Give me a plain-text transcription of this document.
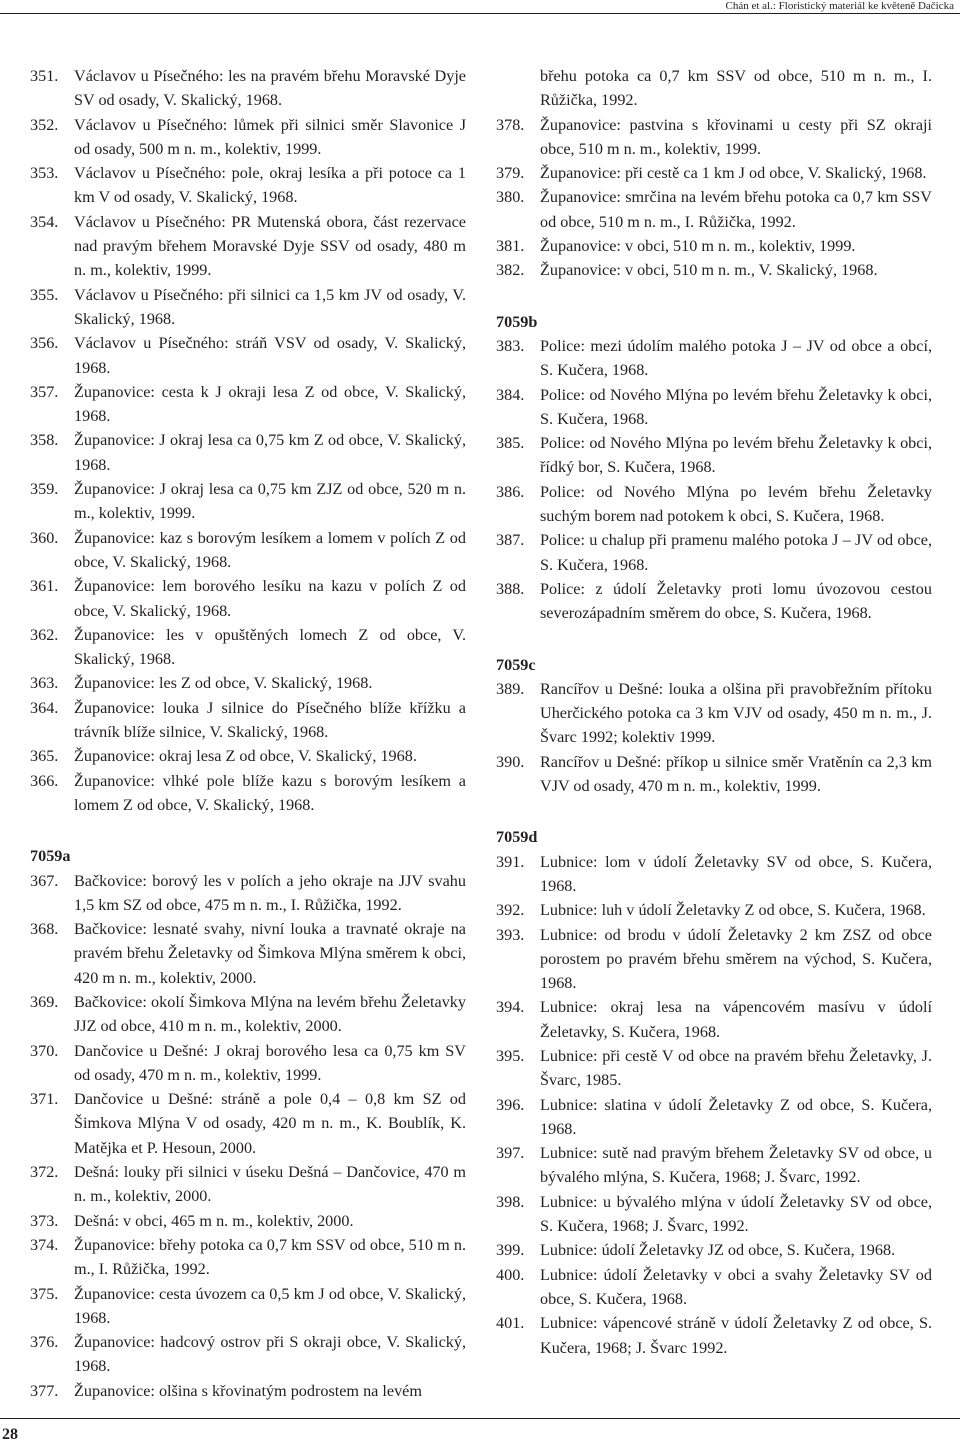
Chán et al.: Floristický materiál ke květeně Dačicka
351. Václavov u Písečného: les na pravém břehu Moravské Dyje SV od osady, V. Skalický, 1968.
352. Václavov u Písečného: lůmek při silnici směr Slavonice J od osady, 500 m n. m., kolektiv, 1999.
353. Václavov u Písečného: pole, okraj lesíka a při potoce ca 1 km V od osady, V. Skalický, 1968.
354. Václavov u Písečného: PR Mutenská obora, část rezervace nad pravým břehem Moravské Dyje SSV od osady, 480 m n. m., kolektiv, 1999.
355. Václavov u Písečného: při silnici ca 1,5 km JV od osady, V. Skalický, 1968.
356. Václavov u Písečného: stráň VSV od osady, V. Skalický, 1968.
357. Županovice: cesta k J okraji lesa Z od obce, V. Skalický, 1968.
358. Županovice: J okraj lesa ca 0,75 km Z od obce, V. Skalický, 1968.
359. Županovice: J okraj lesa ca 0,75 km ZJZ od obce, 520 m n. m., kolektiv, 1999.
360. Županovice: kaz s borovým lesíkem a lomem v polích Z od obce, V. Skalický, 1968.
361. Županovice: lem borového lesíku na kazu v polích Z od obce, V. Skalický, 1968.
362. Županovice: les v opuštěných lomech Z od obce, V. Skalický, 1968.
363. Županovice: les Z od obce, V. Skalický, 1968.
364. Županovice: louka J silnice do Písečného blíže křížku a trávník blíže silnice, V. Skalický, 1968.
365. Županovice: okraj lesa Z od obce, V. Skalický, 1968.
366. Županovice: vlhké pole blíže kazu s borovým lesíkem a lomem Z od obce, V. Skalický, 1968.
7059a
367. Bačkovice: borový les v polích a jeho okraje na JJV svahu 1,5 km SZ od obce, 475 m n. m., I. Růžička, 1992.
368. Bačkovice: lesnaté svahy, nivní louka a travnaté okraje na pravém břehu Želetavky od Šimkova Mlýna směrem k obci, 420 m n. m., kolektiv, 2000.
369. Bačkovice: okolí Šimkova Mlýna na levém břehu Želetavky JJZ od obce, 410 m n. m., kolektiv, 2000.
370. Dančovice u Dešné: J okraj borového lesa ca 0,75 km SV od osady, 470 m n. m., kolektiv, 1999.
371. Dančovice u Dešné: stráně a pole 0,4 – 0,8 km SZ od Šimkova Mlýna V od osady, 420 m n. m., K. Boublík, K. Matějka et P. Hesoun, 2000.
372. Dešná: louky při silnici v úseku Dešná – Dančovice, 470 m n. m., kolektiv, 2000.
373. Dešná: v obci, 465 m n. m., kolektiv, 2000.
374. Županovice: břehy potoka ca 0,7 km SSV od obce, 510 m n. m., I. Růžička, 1992.
375. Županovice: cesta úvozem ca 0,5 km J od obce, V. Skalický, 1968.
376. Županovice: hadcový ostrov při S okraji obce, V. Skalický, 1968.
377. Županovice: olšina s křovinatým podrostem na levém
břehu potoka ca 0,7 km SSV od obce, 510 m n. m., I. Růžička, 1992.
378. Županovice: pastvina s křovinami u cesty při SZ okraji obce, 510 m n. m., kolektiv, 1999.
379. Županovice: při cestě ca 1 km J od obce, V. Skalický, 1968.
380. Županovice: smrčina na levém břehu potoka ca 0,7 km SSV od obce, 510 m n. m., I. Růžička, 1992.
381. Županovice: v obci, 510 m n. m., kolektiv, 1999.
382. Županovice: v obci, 510 m n. m., V. Skalický, 1968.
7059b
383. Police: mezi údolím malého potoka J – JV od obce a obcí, S. Kučera, 1968.
384. Police: od Nového Mlýna po levém břehu Želetavky k obci, S. Kučera, 1968.
385. Police: od Nového Mlýna po levém břehu Želetavky k obci, řídký bor, S. Kučera, 1968.
386. Police: od Nového Mlýna po levém břehu Želetavky suchým borem nad potokem k obci, S. Kučera, 1968.
387. Police: u chalup při pramenu malého potoka J – JV od obce, S. Kučera, 1968.
388. Police: z údolí Želetavky proti lomu úvozovou cestou severozápadním směrem do obce, S. Kučera, 1968.
7059c
389. Rancířov u Dešné: louka a olšina při pravobřežním přítoku Uherčického potoka ca 3 km VJV od osady, 450 m n. m., J. Švarc 1992; kolektiv 1999.
390. Rancířov u Dešné: příkop u silnice směr Vratěnín ca 2,3 km VJV od osady, 470 m n. m., kolektiv, 1999.
7059d
391. Lubnice: lom v údolí Želetavky SV od obce, S. Kučera, 1968.
392. Lubnice: luh v údolí Želetavky Z od obce, S. Kučera, 1968.
393. Lubnice: od brodu v údolí Želetavky 2 km ZSZ od obce porostem po pravém břehu směrem na východ, S. Kučera, 1968.
394. Lubnice: okraj lesa na vápencovém masívu v údolí Želetavky, S. Kučera, 1968.
395. Lubnice: při cestě V od obce na pravém břehu Želetavky, J. Švarc, 1985.
396. Lubnice: slatina v údolí Želetavky Z od obce, S. Kučera, 1968.
397. Lubnice: sutě nad pravým břehem Želetavky SV od obce, u bývalého mlýna, S. Kučera, 1968; J. Švarc, 1992.
398. Lubnice: u bývalého mlýna v údolí Želetavky SV od obce, S. Kučera, 1968; J. Švarc, 1992.
399. Lubnice: údolí Želetavky JZ od obce, S. Kučera, 1968.
400. Lubnice: údolí Želetavky v obci a svahy Želetavky SV od obce, S. Kučera, 1968.
401. Lubnice: vápencové stráně v údolí Želetavky Z od obce, S. Kučera, 1968; J. Švarc 1992.
28
